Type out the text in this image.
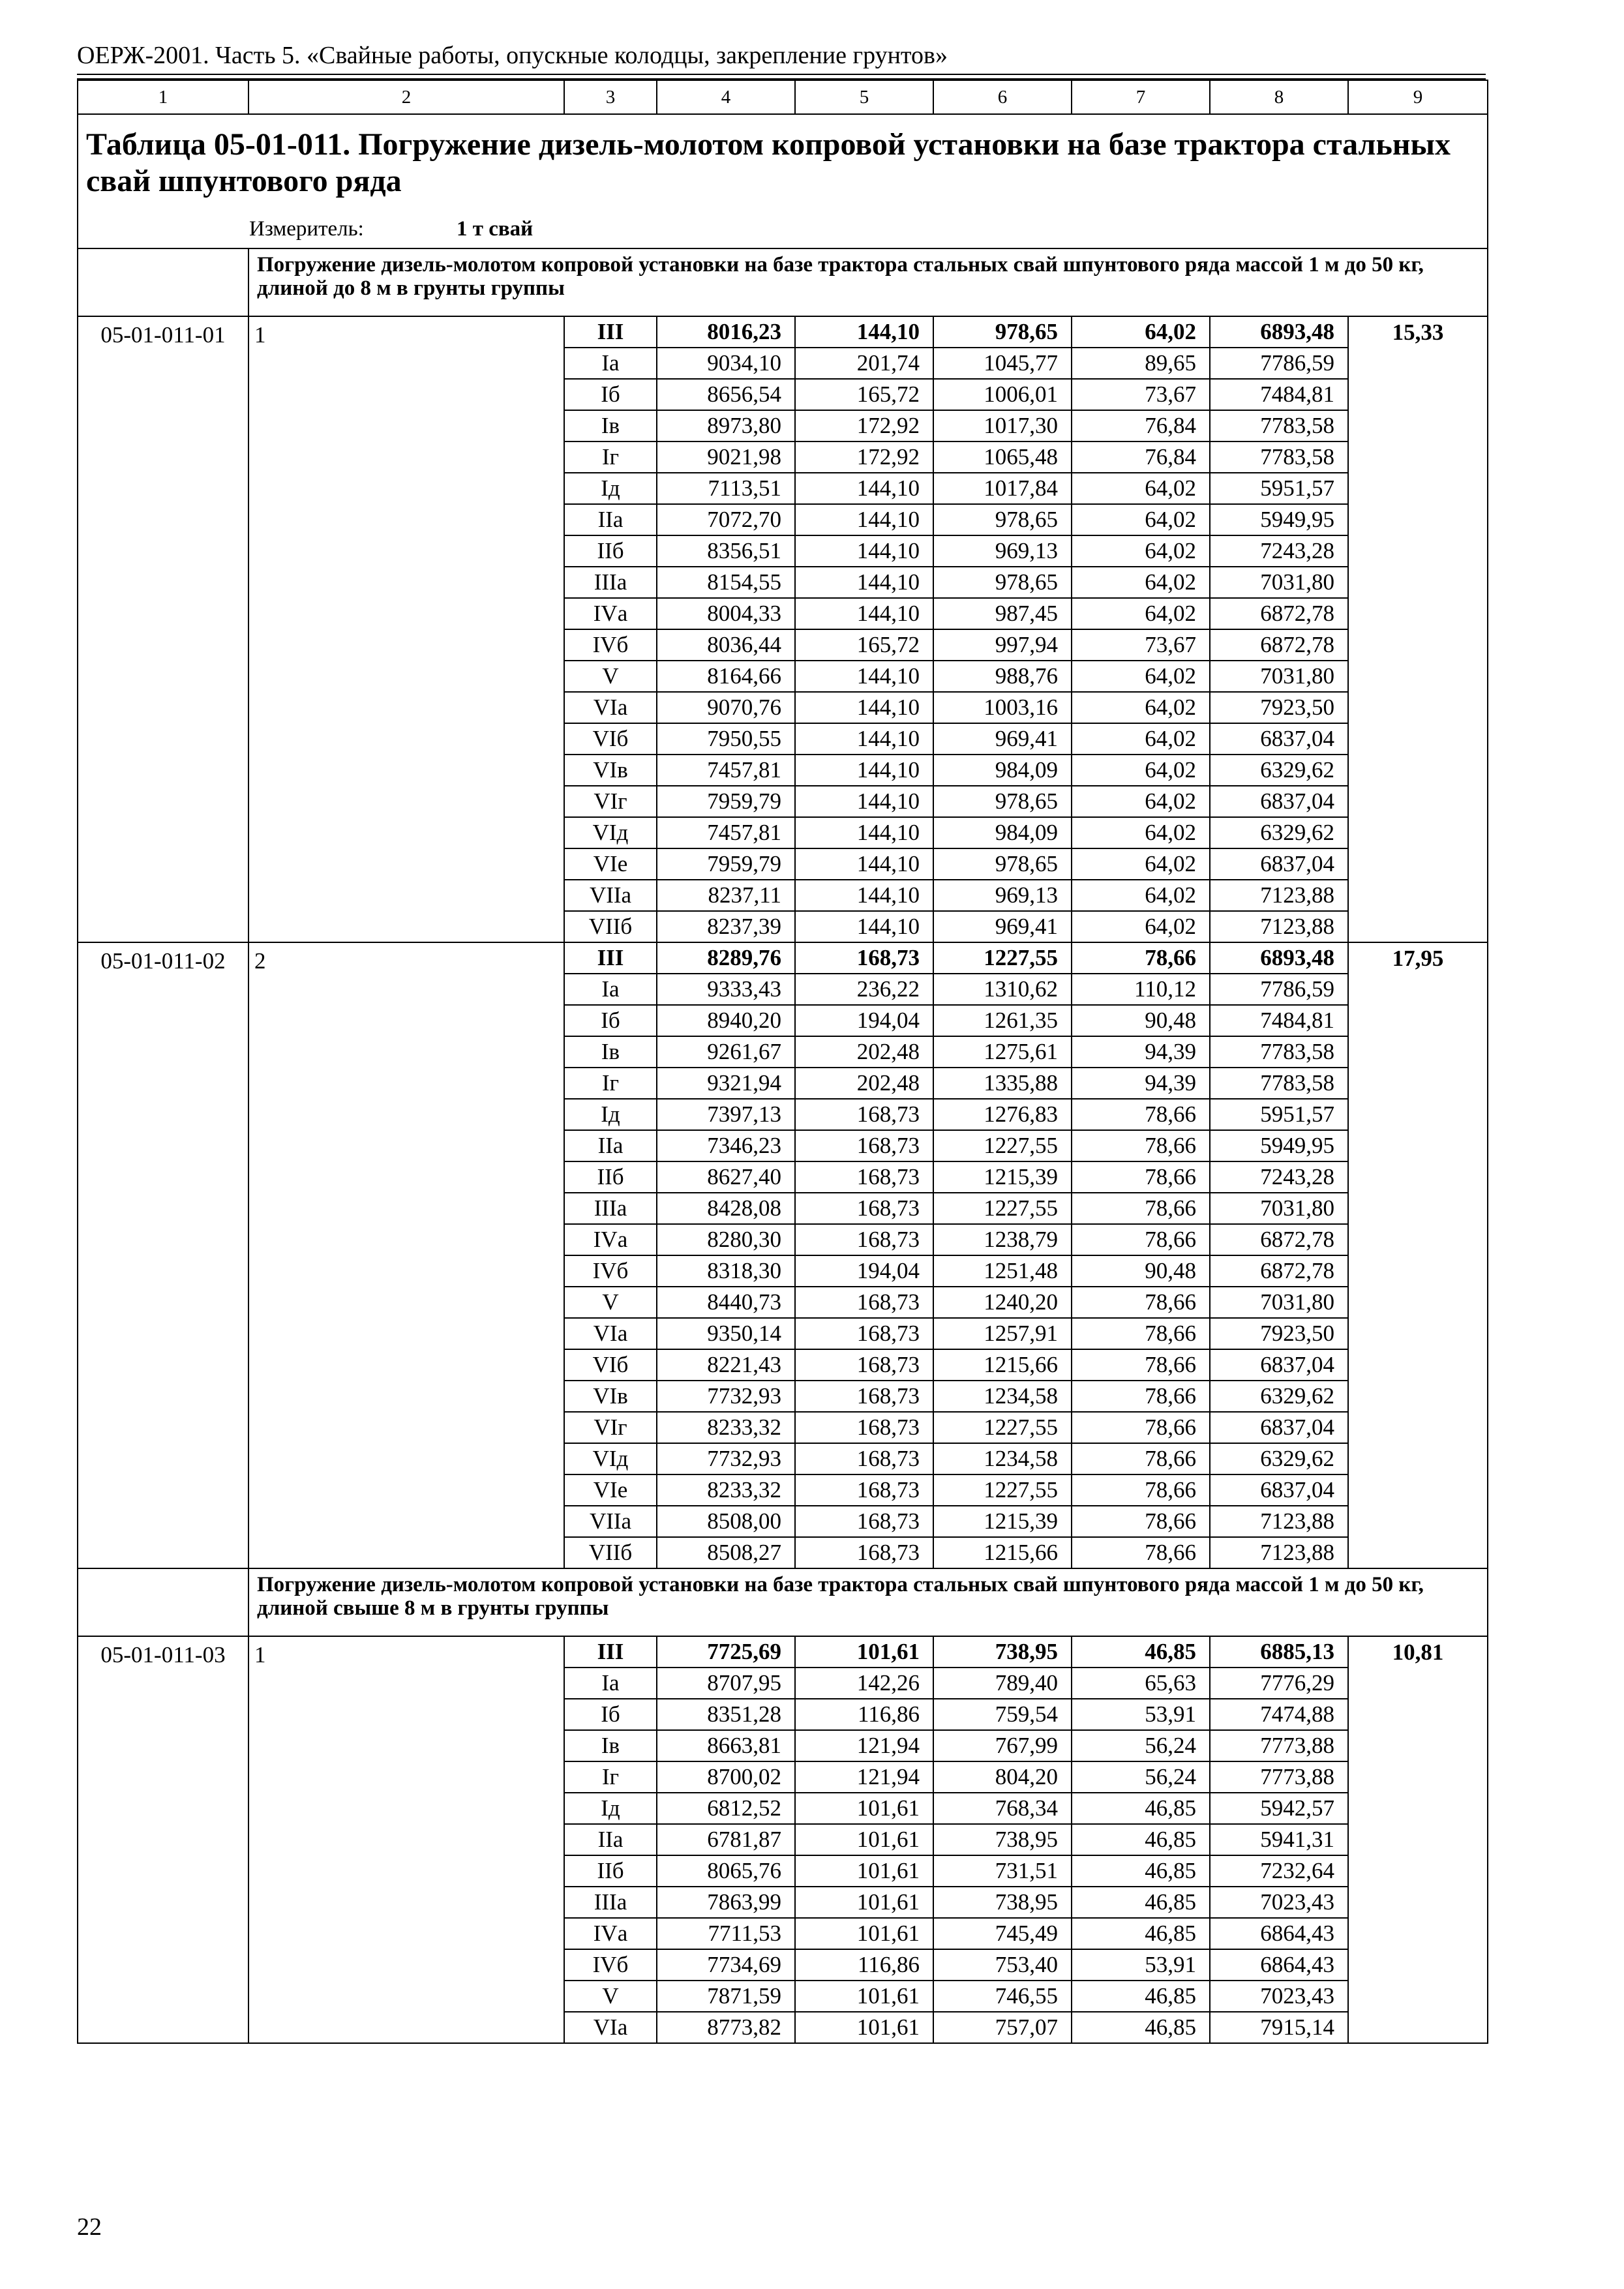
ОЕРЖ-2001. Часть 5. «Свайные работы, опускные колодцы, закрепление грунтов»
1	2	3	4	5	6	7	8	9

Таблица 05-01-011. Погружение дизель-молотом копровой установки на базе трактора стальных свай шпунтового ряда								

Измеритель: 1 т свай								

	Погружение дизель-молотом копровой установки на базе трактора стальных свай шпунтового ряда массой 1 м до 50 кг, длиной до 8 м в грунты группы							
05-01-011-01	1	III	8016,23	144,10	978,65	64,02	6893,48	15,33
		Iа	9034,10	201,74	1045,77	89,65	7786,59	
		Iб	8656,54	165,72	1006,01	73,67	7484,81	
		Iв	8973,80	172,92	1017,30	76,84	7783,58	
		Iг	9021,98	172,92	1065,48	76,84	7783,58	
		Iд	7113,51	144,10	1017,84	64,02	5951,57	
		IIа	7072,70	144,10	978,65	64,02	5949,95	
		IIб	8356,51	144,10	969,13	64,02	7243,28	
		IIIа	8154,55	144,10	978,65	64,02	7031,80	
		IVа	8004,33	144,10	987,45	64,02	6872,78	
		IVб	8036,44	165,72	997,94	73,67	6872,78	
		V	8164,66	144,10	988,76	64,02	7031,80	
		VIа	9070,76	144,10	1003,16	64,02	7923,50	
		VIб	7950,55	144,10	969,41	64,02	6837,04	
		VIв	7457,81	144,10	984,09	64,02	6329,62	
		VIг	7959,79	144,10	978,65	64,02	6837,04	
		VIд	7457,81	144,10	984,09	64,02	6329,62	
		VIе	7959,79	144,10	978,65	64,02	6837,04	
		VIIа	8237,11	144,10	969,13	64,02	7123,88	
		VIIб	8237,39	144,10	969,41	64,02	7123,88	
05-01-011-02	2	III	8289,76	168,73	1227,55	78,66	6893,48	17,95
		Iа	9333,43	236,22	1310,62	110,12	7786,59	
		Iб	8940,20	194,04	1261,35	90,48	7484,81	
		Iв	9261,67	202,48	1275,61	94,39	7783,58	
		Iг	9321,94	202,48	1335,88	94,39	7783,58	
		Iд	7397,13	168,73	1276,83	78,66	5951,57	
		IIа	7346,23	168,73	1227,55	78,66	5949,95	
		IIб	8627,40	168,73	1215,39	78,66	7243,28	
		IIIа	8428,08	168,73	1227,55	78,66	7031,80	
		IVа	8280,30	168,73	1238,79	78,66	6872,78	
		IVб	8318,30	194,04	1251,48	90,48	6872,78	
		V	8440,73	168,73	1240,20	78,66	7031,80	
		VIа	9350,14	168,73	1257,91	78,66	7923,50	
		VIб	8221,43	168,73	1215,66	78,66	6837,04	
		VIв	7732,93	168,73	1234,58	78,66	6329,62	
		VIг	8233,32	168,73	1227,55	78,66	6837,04	
		VIд	7732,93	168,73	1234,58	78,66	6329,62	
		VIе	8233,32	168,73	1227,55	78,66	6837,04	
		VIIа	8508,00	168,73	1215,39	78,66	7123,88	
		VIIб	8508,27	168,73	1215,66	78,66	7123,88	
	Погружение дизель-молотом копровой установки на базе трактора стальных свай шпунтового ряда массой 1 м до 50 кг, длиной свыше 8 м в грунты группы							
05-01-011-03	1	III	7725,69	101,61	738,95	46,85	6885,13	10,81
		Iа	8707,95	142,26	789,40	65,63	7776,29	
		Iб	8351,28	116,86	759,54	53,91	7474,88	
		Iв	8663,81	121,94	767,99	56,24	7773,88	
		Iг	8700,02	121,94	804,20	56,24	7773,88	
		Iд	6812,52	101,61	768,34	46,85	5942,57	
		IIа	6781,87	101,61	738,95	46,85	5941,31	
		IIб	8065,76	101,61	731,51	46,85	7232,64	
		IIIа	7863,99	101,61	738,95	46,85	7023,43	
		IVа	7711,53	101,61	745,49	46,85	6864,43	
		IVб	7734,69	116,86	753,40	53,91	6864,43	
		V	7871,59	101,61	746,55	46,85	7023,43	
		VIа	8773,82	101,61	757,07	46,85	7915,14	
22
